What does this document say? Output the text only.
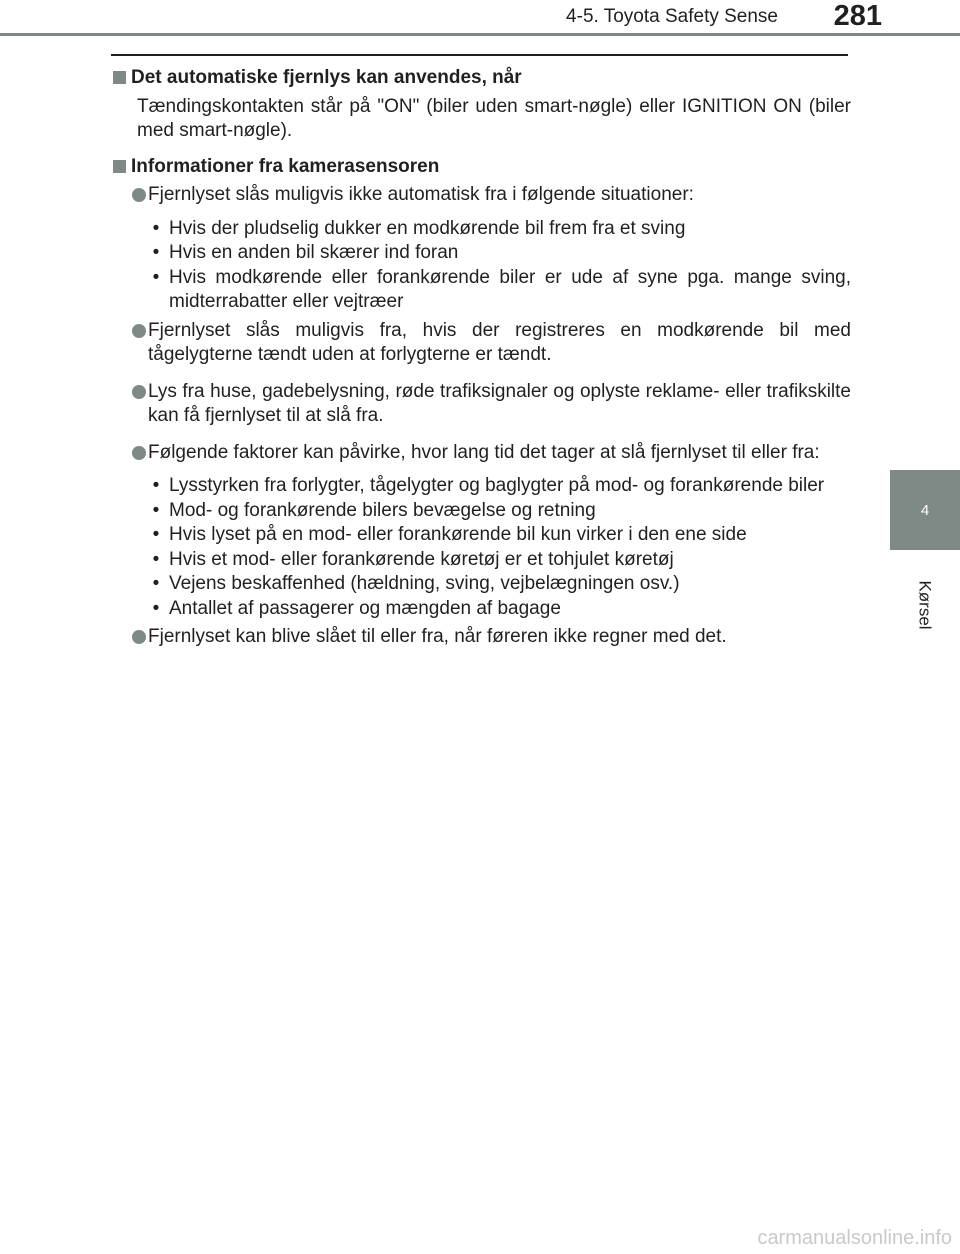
4-5. Toyota Safety Sense 281
4
Kørsel
Det automatiske fjernlys kan anvendes, når
Tændingskontakten står på "ON" (biler uden smart-nøgle) eller IGNITION ON (biler med smart-nøgle).
Informationer fra kamerasensoren
Fjernlyset slås muligvis ikke automatisk fra i følgende situationer:
• Hvis der pludselig dukker en modkørende bil frem fra et sving
• Hvis en anden bil skærer ind foran
• Hvis modkørende eller forankørende biler er ude af syne pga. mange sving, midterrabatter eller vejtræer
Fjernlyset slås muligvis fra, hvis der registreres en modkørende bil med tågelygterne tændt uden at forlygterne er tændt.
Lys fra huse, gadebelysning, røde trafiksignaler og oplyste reklame- eller trafikskilte kan få fjernlyset til at slå fra.
Følgende faktorer kan påvirke, hvor lang tid det tager at slå fjernlyset til eller fra:
• Lysstyrken fra forlygter, tågelygter og baglygter på mod- og forankørende biler
• Mod- og forankørende bilers bevægelse og retning
• Hvis lyset på en mod- eller forankørende bil kun virker i den ene side
• Hvis et mod- eller forankørende køretøj er et tohjulet køretøj
• Vejens beskaffenhed (hældning, sving, vejbelægningen osv.)
• Antallet af passagerer og mængden af bagage
Fjernlyset kan blive slået til eller fra, når føreren ikke regner med det.
carmanualsonline.info
